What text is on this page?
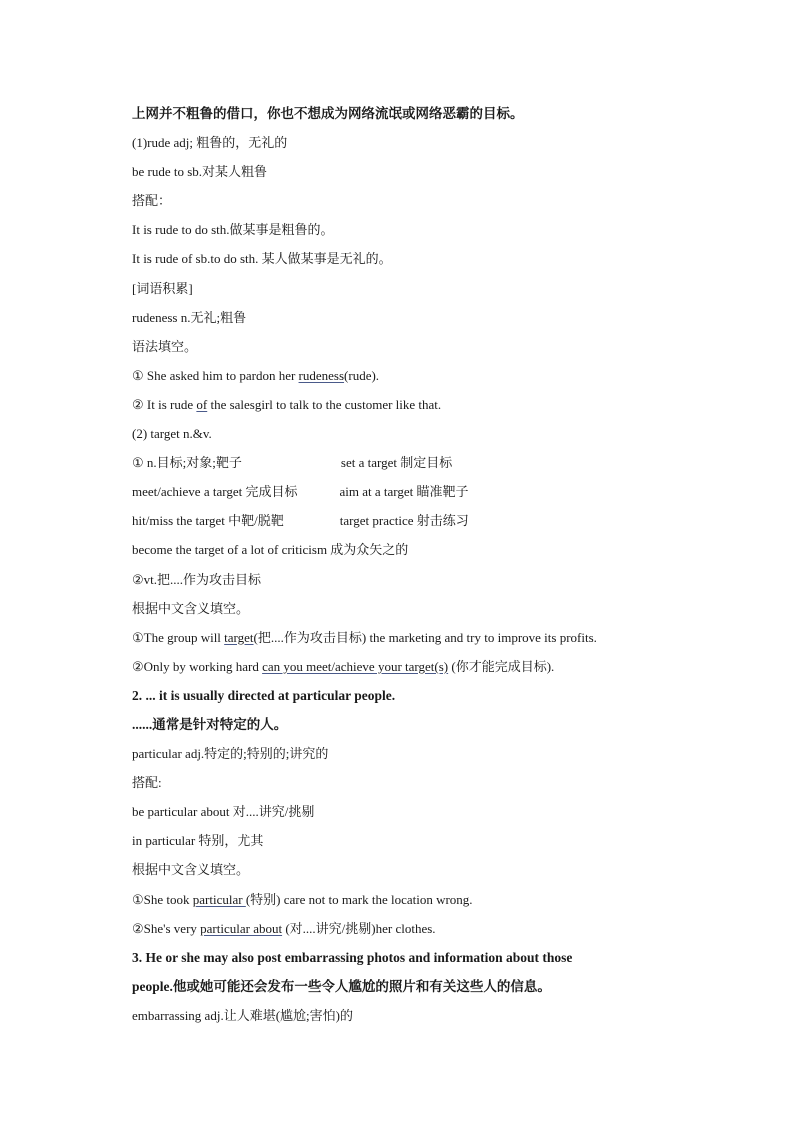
上网并不粗鲁的借口，你也不想成为网络流氓或网络恶霸的目标。
(1)rude adj; 粗鲁的，无礼的
be rude to sb.对某人粗鲁
搭配：
It is rude to do sth.做某事是粗鲁的。
It is rude of sb.to do sth. 某人做某事是无礼的。
[词语积累]
rudeness n.无礼;粗鲁
语法填空。
① She asked him to pardon her rudeness(rude).
② It is rude of the salesgirl to talk to the customer like that.
(2) target n.&v.
① n.目标;对象;靶子	set a target 制定目标
meet/achieve a target 完成目标	aim at a target 瞄准靶子
hit/miss the target 中靶/脱靶	target practice 射击练习
become the target of a lot of criticism 成为众矢之的
②vt.把....作为攻击目标
根据中文含义填空。
①The group will target(把....作为攻击目标) the marketing and try to improve its profits.
②Only by working hard can you meet/achieve your target(s) (你才能完成目标).
2. ... it is usually directed at particular people.
......通常是针对特定的人。
particular adj.特定的;特别的;讲究的
搭配:
be particular about 对....讲究/挑剔
in particular 特别，尤其
根据中文含义填空。
①She took particular (特别) care not to mark the location wrong.
②She's very particular about (对....讲究/挑剔)her clothes.
3. He or she may also post embarrassing photos and information about those
people.他或她可能还会发布一些令人尴尬的照片和有关这些人的信息。
embarrassing adj.让人难堪(尴尬;害怕)的
